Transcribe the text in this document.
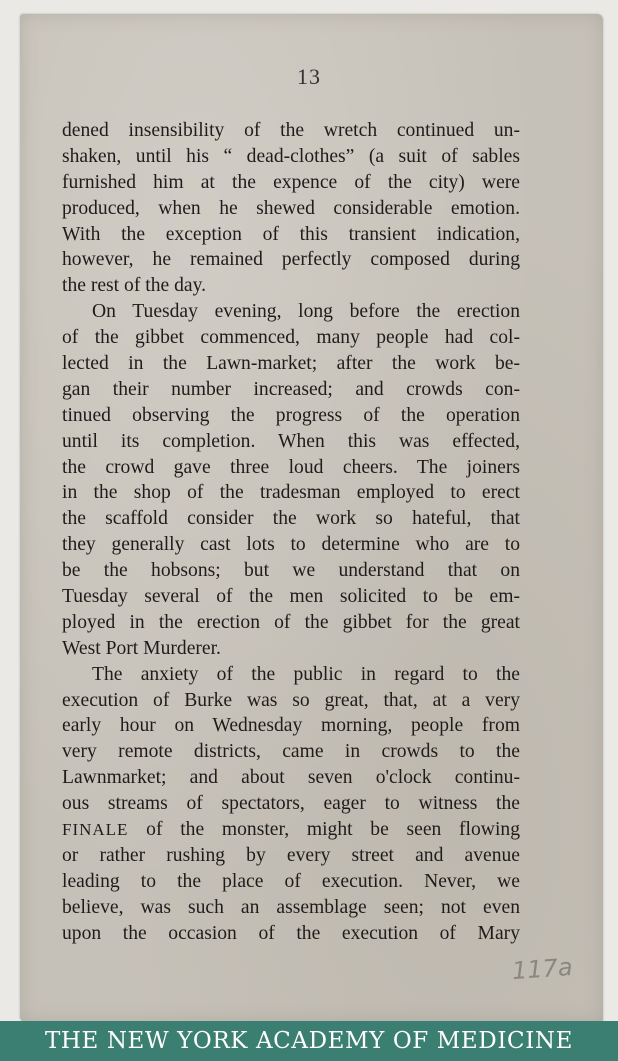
13
dened insensibility of the wretch continued un-
shaken, until his “ dead-clothes” (a suit of sables
furnished him at the expence of the city) were
produced, when he shewed considerable emotion.
With the exception of this transient indication,
however, he remained perfectly composed during
the rest of the day.
On Tuesday evening, long before the erection
of the gibbet commenced, many people had col-
lected in the Lawn-market; after the work be-
gan their number increased; and crowds con-
tinued observing the progress of the operation
until its completion. When this was effected,
the crowd gave three loud cheers. The joiners
in the shop of the tradesman employed to erect
the scaffold consider the work so hateful, that
they generally cast lots to determine who are to
be the hobsons; but we understand that on
Tuesday several of the men solicited to be em-
ployed in the erection of the gibbet for the great
West Port Murderer.
The anxiety of the public in regard to the
execution of Burke was so great, that, at a very
early hour on Wednesday morning, people from
very remote districts, came in crowds to the
Lawnmarket; and about seven o'clock continu-
ous streams of spectators, eager to witness the
FINALE of the monster, might be seen flowing
or rather rushing by every street and avenue
leading to the place of execution. Never, we
believe, was such an assemblage seen; not even
upon the occasion of the execution of Mary
117a
THE NEW YORK ACADEMY OF MEDICINE
